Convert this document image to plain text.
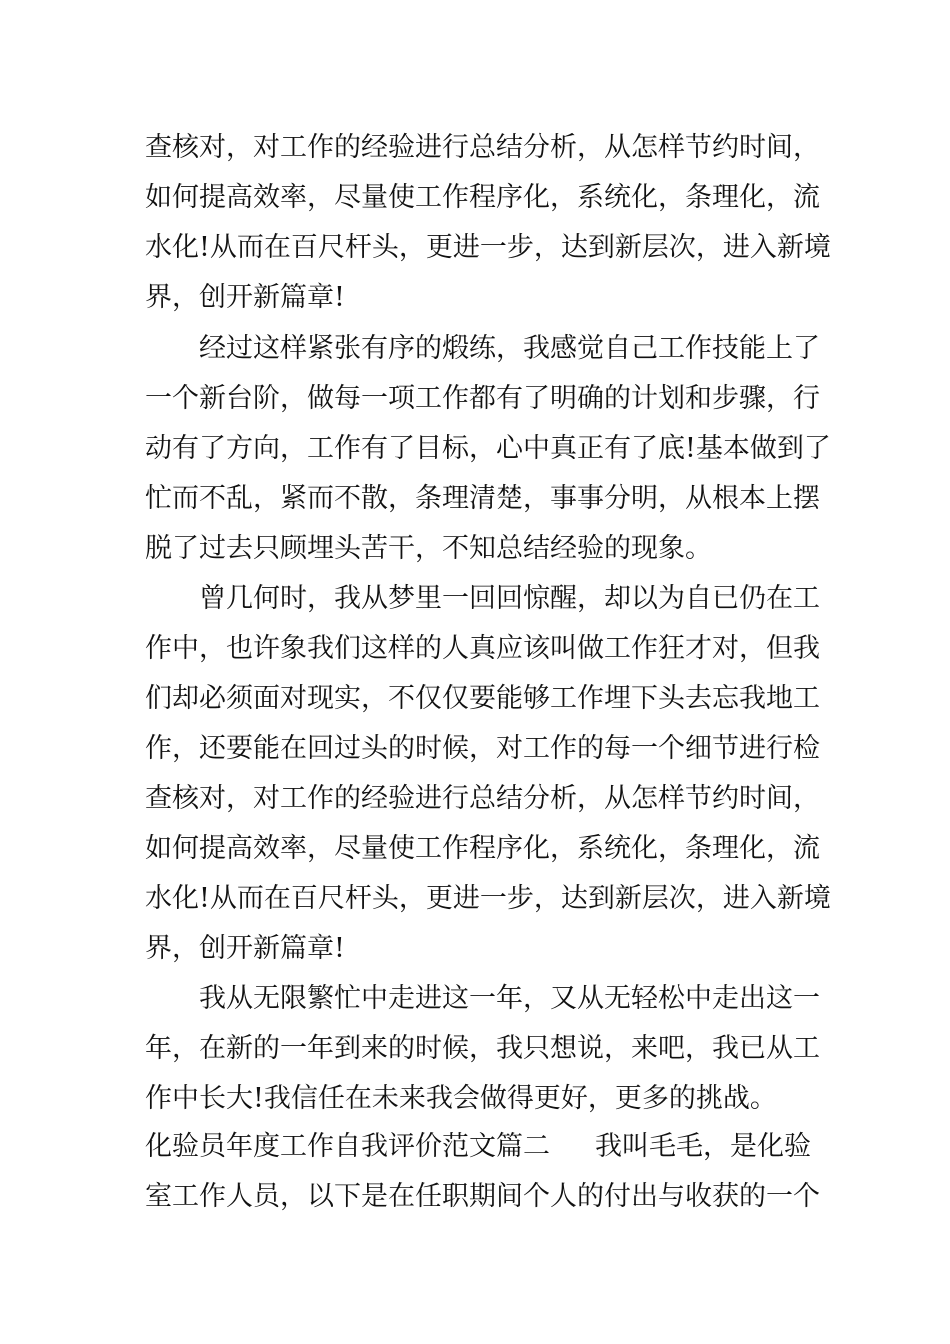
查核对，对工作的经验进行总结分析，从怎样节约时间，
如何提高效率，尽量使工作程序化，系统化，条理化，流
水化!从而在百尺杆头，更进一步，达到新层次，进入新境
界，创开新篇章!
经过这样紧张有序的煅练，我感觉自己工作技能上了
一个新台阶，做每一项工作都有了明确的计划和步骤，行
动有了方向，工作有了目标，心中真正有了底!基本做到了
忙而不乱，紧而不散，条理清楚，事事分明，从根本上摆
脱了过去只顾埋头苦干，不知总结经验的现象。
曾几何时，我从梦里一回回惊醒，却以为自已仍在工
作中，也许象我们这样的人真应该叫做工作狂才对，但我
们却必须面对现实，不仅仅要能够工作埋下头去忘我地工
作，还要能在回过头的时候，对工作的每一个细节进行检
查核对，对工作的经验进行总结分析，从怎样节约时间，
如何提高效率，尽量使工作程序化，系统化，条理化，流
水化!从而在百尺杆头，更进一步，达到新层次，进入新境
界，创开新篇章!
我从无限繁忙中走进这一年，又从无轻松中走出这一
年，在新的一年到来的时候，我只想说，来吧，我已从工
作中长大!我信任在未来我会做得更好，更多的挑战。
化验员年度工作自我评价范文篇二 我叫毛毛，是化验
室工作人员，以下是在任职期间个人的付出与收获的一个
